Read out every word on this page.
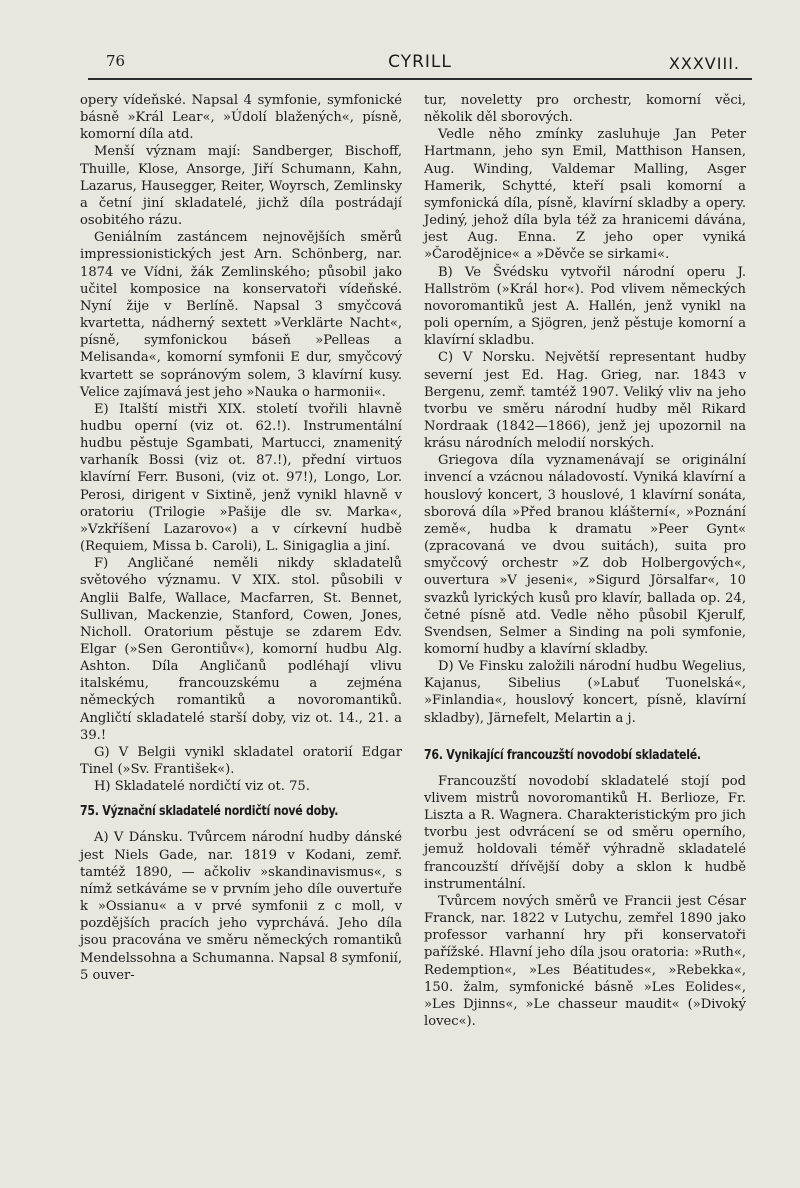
76	CYRILL	XXXVIII.

opery vídeňské. Napsal 4 symfonie, symfonické básně »Král Lear«, »Údolí blažených«, písně, komorní díla atd.

Menší význam mají: Sandberger, Bischoff, Thuille, Klose, Ansorge, Jiří Schumann, Kahn, Lazarus, Hausegger, Reiter, Woyrsch, Zemlinsky a četní jiní skladatelé, jichž díla postrádají osobitého rázu.

Geniálním zastáncem nejnovějších směrů impressionistických jest Arn. Schönberg, nar. 1874 ve Vídni, žák Zemlinského; působil jako učitel komposice na konservatoři vídeňské. Nyní žije v Berlíně. Napsal 3 smyčcová kvartetta, nádherný sextett »Verklärte Nacht«, písně, symfonickou báseň »Pelleas a Melisanda«, komorní symfonii E dur, smyčcový kvartett se sopránovým solem, 3 klavírní kusy. Velice zajímavá jest jeho »Nauka o harmonii«.

E) Italští mistři XIX. století tvořili hlavně hudbu operní (viz ot. 62.!). Instrumentální hudbu pěstuje Sgambati, Martucci, znamenitý varhaník Bossi (viz ot. 87.!), přední virtuos klavírní Ferr. Busoni, (viz ot. 97!), Longo, Lor. Perosi, dirigent v Sixtině, jenž vynikl hlavně v oratoriu (Trilogie »Pašije dle sv. Marka«, »Vzkříšení Lazarovo«) a v církevní hudbě (Requiem, Missa b. Caroli), L. Sinigaglia a jiní.

F) Angličané neměli nikdy skladatelů světového významu. V XIX. stol. působili v Anglii Balfe, Wallace, Macfarren, St. Bennet, Sullivan, Mackenzie, Stanford, Cowen, Jones, Nicholl. Oratorium pěstuje se zdarem Edv. Elgar (»Sen Gerontiův«), komorní hudbu Alg. Ashton. Díla Angličanů podléhají vlivu italskému, francouzskému a zejména německých romantiků a novoromantiků. Angličtí skladatelé starší doby, viz ot. 14., 21. a 39.!

G) V Belgii vynikl skladatel oratorií Edgar Tinel (»Sv. František«).

H) Skladatelé nordičtí viz ot. 75.

75. Význační skladatelé nordičtí nové doby.

A) V Dánsku. Tvůrcem národní hudby dánské jest Niels Gade, nar. 1819 v Kodani, zemř. tamtéž 1890, — ačkoliv »skandinavismus«, s nímž setkáváme se v prvním jeho díle ouvertuře k »Ossianu« a v prvé symfonii z c moll, v pozdějších pracích jeho vyprchává. Jeho díla jsou pracována ve směru německých romantiků Mendelssohna a Schumanna. Napsal 8 symfonií, 5 ouver-

tur, noveletty pro orchestr, komorní věci, několik děl sborových.

Vedle něho zmínky zasluhuje Jan Peter Hartmann, jeho syn Emil, Matthison Hansen, Aug. Winding, Valdemar Malling, Asger Hamerik, Schytté, kteří psali komorní a symfonická díla, písně, klavírní skladby a opery. Jediný, jehož díla byla též za hranicemi dávána, jest Aug. Enna. Z jeho oper vyniká »Čarodějnice« a »Děvče se sirkami«.

B) Ve Švédsku vytvořil národní operu J. Hallström (»Král hor«). Pod vlivem německých novoromantiků jest A. Hallén, jenž vynikl na poli operním, a Sjögren, jenž pěstuje komorní a klavírní skladbu.

C) V Norsku. Největší representant hudby severní jest Ed. Hag. Grieg, nar. 1843 v Bergenu, zemř. tamtéž 1907. Veliký vliv na jeho tvorbu ve směru národní hudby měl Rikard Nordraak (1842—1866), jenž jej upozornil na krásu národních melodií norských.

Griegova díla vyznamenávají se originální invencí a vzácnou náladovostí. Vyniká klavírní a houslový koncert, 3 houslové, 1 klavírní sonáta, sborová díla »Před branou klášterní«, »Poznání země«, hudba k dramatu »Peer Gynt« (zpracovaná ve dvou suitách), suita pro smyčcový orchestr »Z dob Holbergových«, ouvertura »V jeseni«, »Sigurd Jörsalfar«, 10 svazků lyrických kusů pro klavír, ballada op. 24, četné písně atd. Vedle něho působil Kjerulf, Svendsen, Selmer a Sinding na poli symfonie, komorní hudby a klavírní skladby.

D) Ve Finsku založili národní hudbu Wegelius, Kajanus, Sibelius (»Labuť Tuonelská«, »Finlandia«, houslový koncert, písně, klavírní skladby), Järnefelt, Melartin a j.

76. Vynikající francouzští novodobí skladatelé.

Francouzští novodobí skladatelé stojí pod vlivem mistrů novoromantiků H. Berlioze, Fr. Liszta a R. Wagnera. Charakteristickým pro jich tvorbu jest odvrácení se od směru operního, jemuž holdovali téměř výhradně skladatelé francouzští dřívější doby a sklon k hudbě instrumentální.

Tvůrcem nových směrů ve Francii jest César Franck, nar. 1822 v Lutychu, zemřel 1890 jako professor varhanní hry při konservatoři pařížské. Hlavní jeho díla jsou oratoria: »Ruth«, Redemption«, »Les Béatitudes«, »Rebekka«, 150. žalm, symfonické básně »Les Eolides«, »Les Djinns«, »Le chasseur maudit« (»Divoký lovec«).
